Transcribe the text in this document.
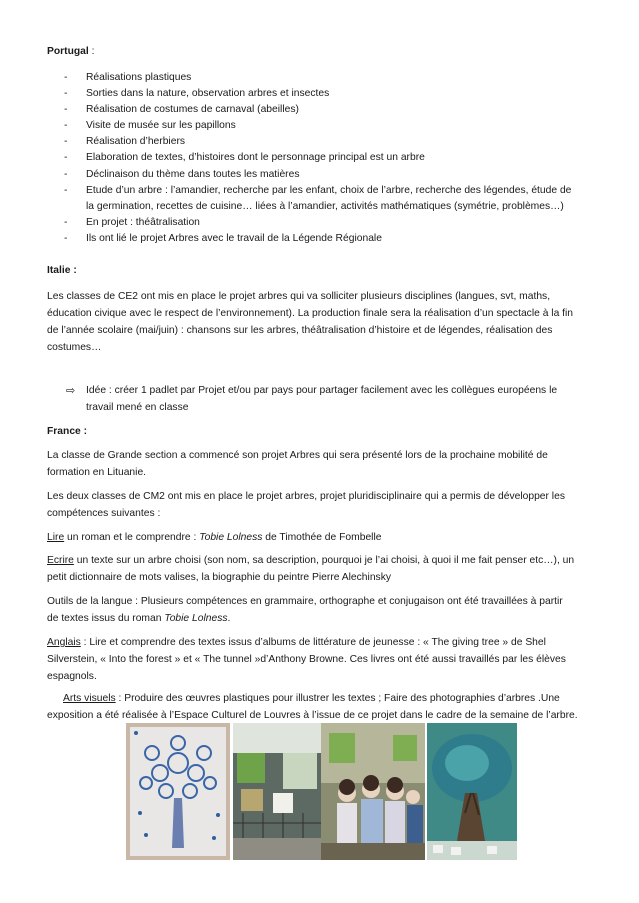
Portugal :
- Réalisations plastiques
- Sorties dans la nature, observation arbres et insectes
- Réalisation de costumes de carnaval (abeilles)
- Visite de musée sur les papillons
- Réalisation d’herbiers
- Elaboration de textes, d’histoires dont le personnage principal est un arbre
- Déclinaison du thème dans toutes les matières
- Etude d’un arbre : l’amandier, recherche par les enfant, choix de l’arbre, recherche des légendes, étude de
la germination, recettes de cuisine… liées à l’amandier, activités mathématiques (symétrie, problèmes…)
- En projet : théâtralisation
- Ils ont lié le projet Arbres avec le travail de la Légende Régionale
Italie :
Les classes de CE2 ont mis en place le projet arbres qui va solliciter plusieurs disciplines (langues, svt, maths,
éducation civique avec le respect de l’environnement). La production finale sera la réalisation d’un spectacle à la fin
de l’année scolaire (mai/juin) : chansons sur les arbres, théâtralisation d’histoire et de légendes, réalisation des
costumes…
⇨ Idée : créer 1 padlet par Projet et/ou par pays pour partager facilement avec les collègues européens le
travail mené en classe
France :
La classe de Grande section a commencé son projet Arbres qui sera présenté lors de la prochaine mobilité de
formation en Lituanie.
Les deux classes de CM2 ont mis en place le projet arbres, projet pluridisciplinaire qui a permis de développer les
compétences suivantes :
Lire un roman et le comprendre : Tobie Lolness de Timothée de Fombelle
Ecrire un texte sur un arbre choisi (son nom, sa description, pourquoi je l’ai choisi, à quoi il me fait penser etc…), un
petit dictionnaire de mots valises, la biographie du peintre Pierre Alechinsky
Outils de la langue : Plusieurs compétences en grammaire, orthographe et conjugaison ont été travaillées à partir
de textes issus du roman Tobie Lolness.
Anglais : Lire et comprendre des textes issus d’albums de littérature de jeunesse : « The giving tree » de Shel
Silverstein, « Into the forest » et « The tunnel »d’Anthony Browne. Ces livres ont été aussi travaillés par les élèves
espagnols.
Arts visuels : Produire des œuvres plastiques pour illustrer les textes ; Faire des photographies d’arbres .Une
exposition a été réalisée à l’Espace Culturel de Louvres à l’issue de ce projet dans le cadre de la semaine de l’arbre.
